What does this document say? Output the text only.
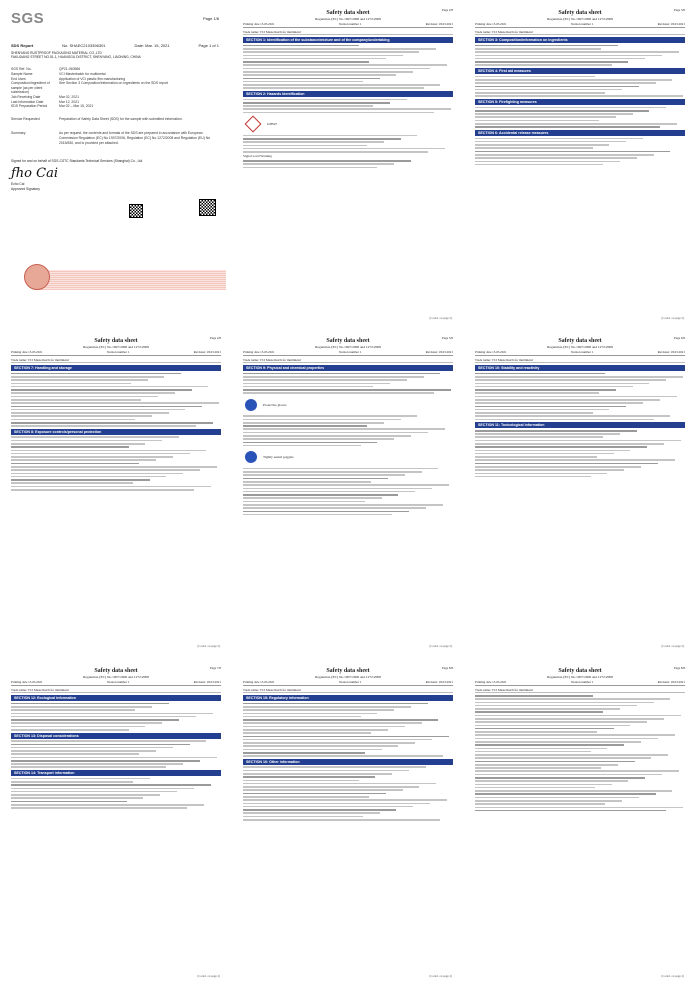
SGS	Page 1/8
SDS Report	No. SHAEC2103396301	Date: Mar. 15, 2021	Page 1 of 1
SHENYANG RUSTPROOF PACKAGING MATERIAL CO.,LTD
FAKUJIANG STREET NO.51-1, HUANGGU DISTRICT, SHENYANG, LIAONING, CHINA
SGS Ref. No.	QP21-060566
Sample Name	VCI Masterbatch for multimetal
End Uses	Application of VCI plastic film manufacturing
Composition/Ingredient of sample (as per client submission)
See Section 3 Composition/information on ingredients on the SDS report
Job Receiving Date	Mar 02, 2021
Last Information Date	Mar 12, 2021
SDS Preparation Period	Mar 02 – Mar 15, 2021
Service Requested	Preparation of Safety Data Sheet (SDS) for the sample with submitted information.
Summary	As per request, the contents and formats of the SDS are prepared in accordance with European Commission Regulation (EC) No 1907/2006, Regulation (EC) No 1272/2008 and Regulation (EU) No 2015/830, and is provided per attached.
Signed for and on behalf of SGS-CSTC Standards Technical Services (Shanghai) Co., Ltd.
ƒho Cai
Echo Cai
Approved Signatory
Page 2/8
Safety data sheet
Regulation (EC) No.1907/2006 and 1272/2008
Printing date 15.03.2021	Version number 1	Revision: 18.03.2021
Trade name: VCI Masterbatch for multimetal
SECTION 1: Identification of the substance/mixture and of the company/undertaking
SECTION 2: Hazards identification
GHS07
Signal word Warning
(Contd. on page 2)
Page 3/8
Safety data sheet
Regulation (EC) No.1907/2006 and 1272/2008
Printing date 15.03.2021	Version number 1	Revision: 18.03.2021
Trade name: VCI Masterbatch for multimetal
SECTION 3: Composition/information on ingredients
SECTION 4: First aid measures
SECTION 5: Firefighting measures
SECTION 6: Accidental release measures
(Contd. on page 2)
Page 4/8
Safety data sheet
Regulation (EC) No.1907/2006 and 1272/2008
Printing date 15.03.2021	Version number 1	Revision: 18.03.2021
Trade name: VCI Masterbatch for multimetal
SECTION 7: Handling and storage
SECTION 8: Exposure controls/personal protection
(Contd. on page 2)
Page 5/8
Safety data sheet
Regulation (EC) No.1907/2006 and 1272/2008
Printing date 15.03.2021	Version number 1	Revision: 18.03.2021
Trade name: VCI Masterbatch for multimetal
SECTION 9: Physical and chemical properties
Protective gloves
Tightly sealed goggles
(Contd. on page 2)
Page 6/8
Safety data sheet
Regulation (EC) No.1907/2006 and 1272/2008
Printing date 15.03.2021	Version number 1	Revision: 18.03.2021
Trade name: VCI Masterbatch for multimetal
SECTION 10: Stability and reactivity
SECTION 11: Toxicological information
(Contd. on page 2)
Page 7/8
Safety data sheet
Regulation (EC) No.1907/2006 and 1272/2008
Printing date 15.03.2021	Version number 1	Revision: 18.03.2021
Trade name: VCI Masterbatch for multimetal
SECTION 12: Ecological information
SECTION 13: Disposal considerations
SECTION 14: Transport information
(Contd. on page 2)
Page 8/8
Safety data sheet
Regulation (EC) No.1907/2006 and 1272/2008
Printing date 15.03.2021	Version number 1	Revision: 18.03.2021
Trade name: VCI Masterbatch for multimetal
SECTION 15: Regulatory information
SECTION 16: Other information
(Contd. on page 2)
Page 8/8
Safety data sheet
Regulation (EC) No.1907/2006 and 1272/2008
Printing date 15.03.2021	Version number 1	Revision: 18.03.2021
Trade name: VCI Masterbatch for multimetal
(Contd. on page 2)
